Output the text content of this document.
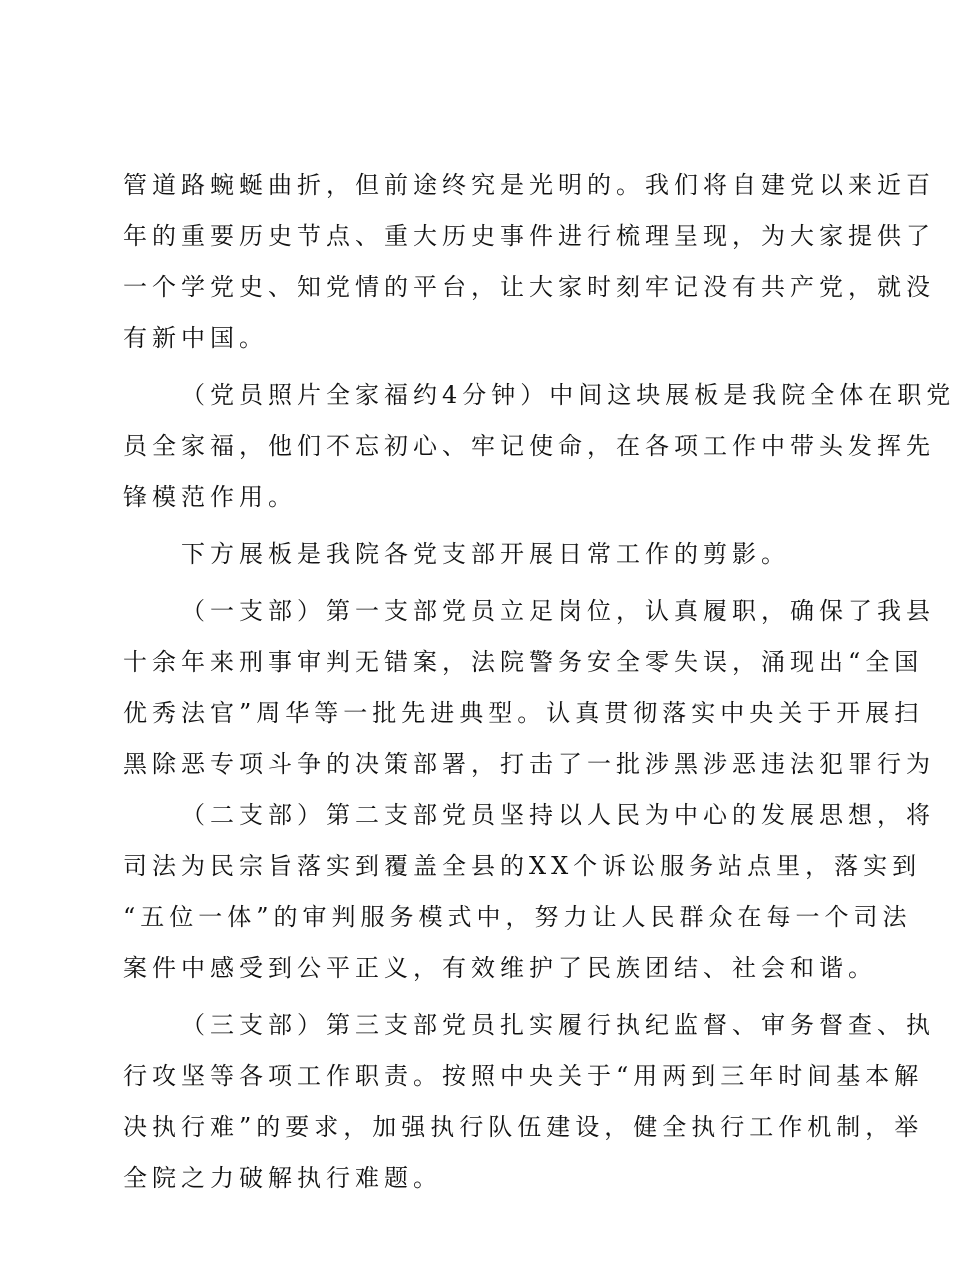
管道路蜿蜒曲折，但前途终究是光明的。我们将自建党以来近百
年的重要历史节点、重大历史事件进行梳理呈现，为大家提供了
一个学党史、知党情的平台，让大家时刻牢记没有共产党，就没
有新中国。
（党员照片全家福约4分钟）中间这块展板是我院全体在职党
员全家福，他们不忘初心、牢记使命，在各项工作中带头发挥先
锋模范作用。
下方展板是我院各党支部开展日常工作的剪影。
（一支部）第一支部党员立足岗位，认真履职，确保了我县
十余年来刑事审判无错案，法院警务安全零失误，涌现出“全国
优秀法官”周华等一批先进典型。认真贯彻落实中央关于开展扫
黑除恶专项斗争的决策部署，打击了一批涉黑涉恶违法犯罪行为
（二支部）第二支部党员坚持以人民为中心的发展思想，将
司法为民宗旨落实到覆盖全县的XX个诉讼服务站点里，落实到
“五位一体”的审判服务模式中，努力让人民群众在每一个司法
案件中感受到公平正义，有效维护了民族团结、社会和谐。
（三支部）第三支部党员扎实履行执纪监督、审务督查、执
行攻坚等各项工作职责。按照中央关于“用两到三年时间基本解
决执行难”的要求，加强执行队伍建设，健全执行工作机制，举
全院之力破解执行难题。
